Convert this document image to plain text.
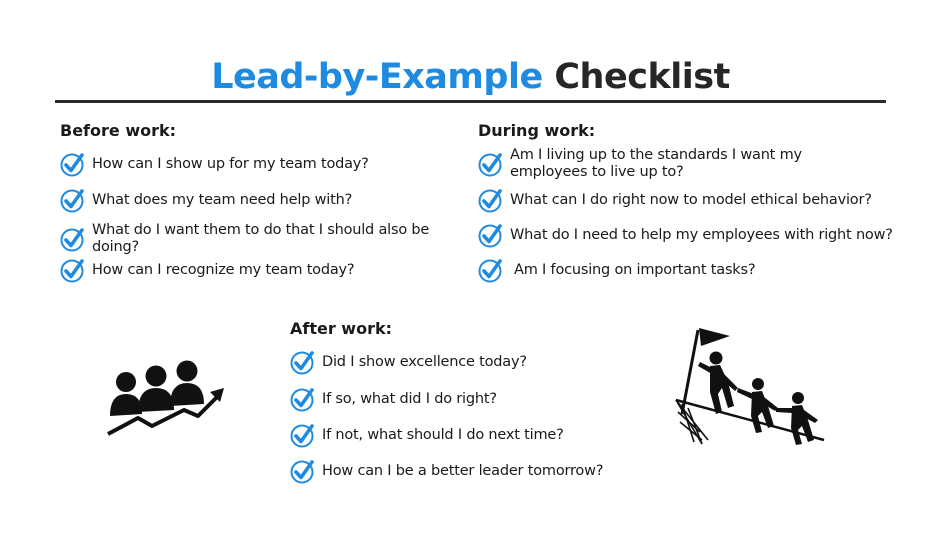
Lead-by-Example Checklist
Before work:
How can I show up for my team today?
What does my team need help with?
What do I want them to do that I should also be doing?
How can I recognize my team today?
During work:
Am I living up to the standards I want my employees to live up to?
What can I do right now to model ethical behavior?
What do I need to help my employees with right now?
Am I focusing on important tasks?
After work:
Did I show excellence today?
If so, what did I do right?
If not, what should I do next time?
How can I be a better leader tomorrow?
